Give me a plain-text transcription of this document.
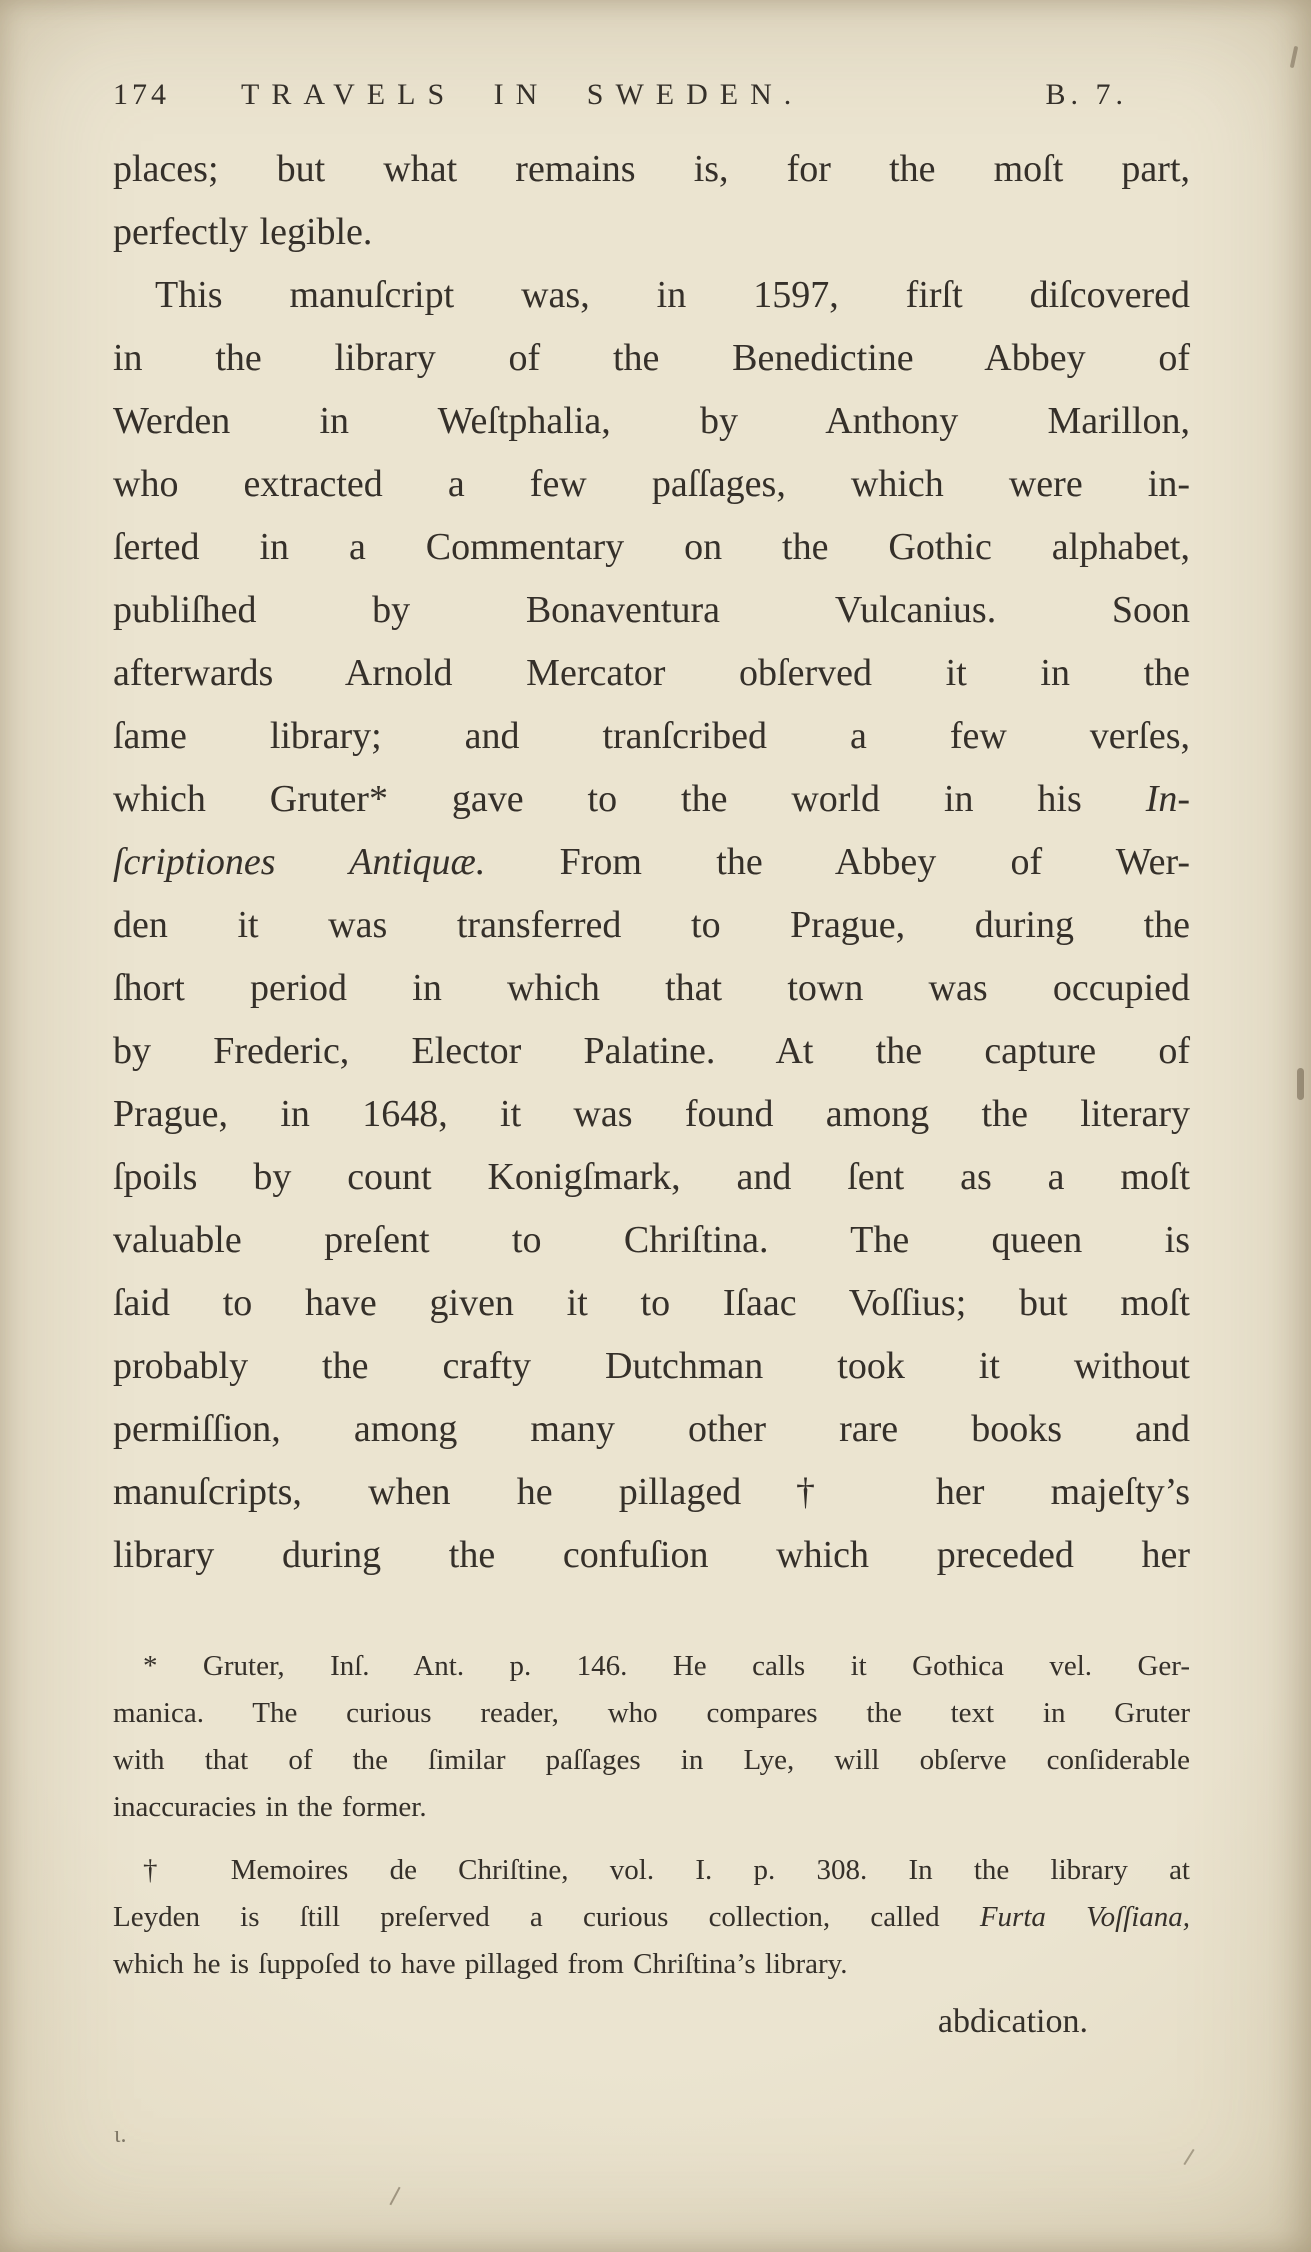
174	TRAVELS IN SWEDEN.	B. 7.
places; but what remains is, for the moſt part,
perfectly legible.
This manuſcript was, in 1597, firſt diſcovered
in the library of the Benedictine Abbey of
Werden in Weſtphalia, by Anthony Marillon,
who extracted a few paſſages, which were in-
ſerted in a Commentary on the Gothic alphabet,
publiſhed by Bonaventura Vulcanius. Soon
afterwards Arnold Mercator obſerved it in the
ſame library; and tranſcribed a few verſes,
which Gruter* gave to the world in his In-
ſcriptiones Antiquæ. From the Abbey of Wer-
den it was transferred to Prague, during the
ſhort period in which that town was occupied
by Frederic, Elector Palatine. At the capture of
Prague, in 1648, it was found among the literary
ſpoils by count Konigſmark, and ſent as a moſt
valuable preſent to Chriſtina. The queen is
ſaid to have given it to Iſaac Voſſius; but moſt
probably the crafty Dutchman took it without
permiſſion, among many other rare books and
manuſcripts, when he pillaged† her majeſty’s
library during the confuſion which preceded her
* Gruter, Inſ. Ant. p. 146. He calls it Gothica vel. Ger-
manica. The curious reader, who compares the text in Gruter
with that of the ſimilar paſſages in Lye, will obſerve conſiderable
inaccuracies in the former.
† Memoires de Chriſtine, vol. I. p. 308. In the library at
Leyden is ſtill preſerved a curious collection, called Furta Voſſiana,
which he is ſuppoſed to have pillaged from Chriſtina’s library.
abdication.
ι.
